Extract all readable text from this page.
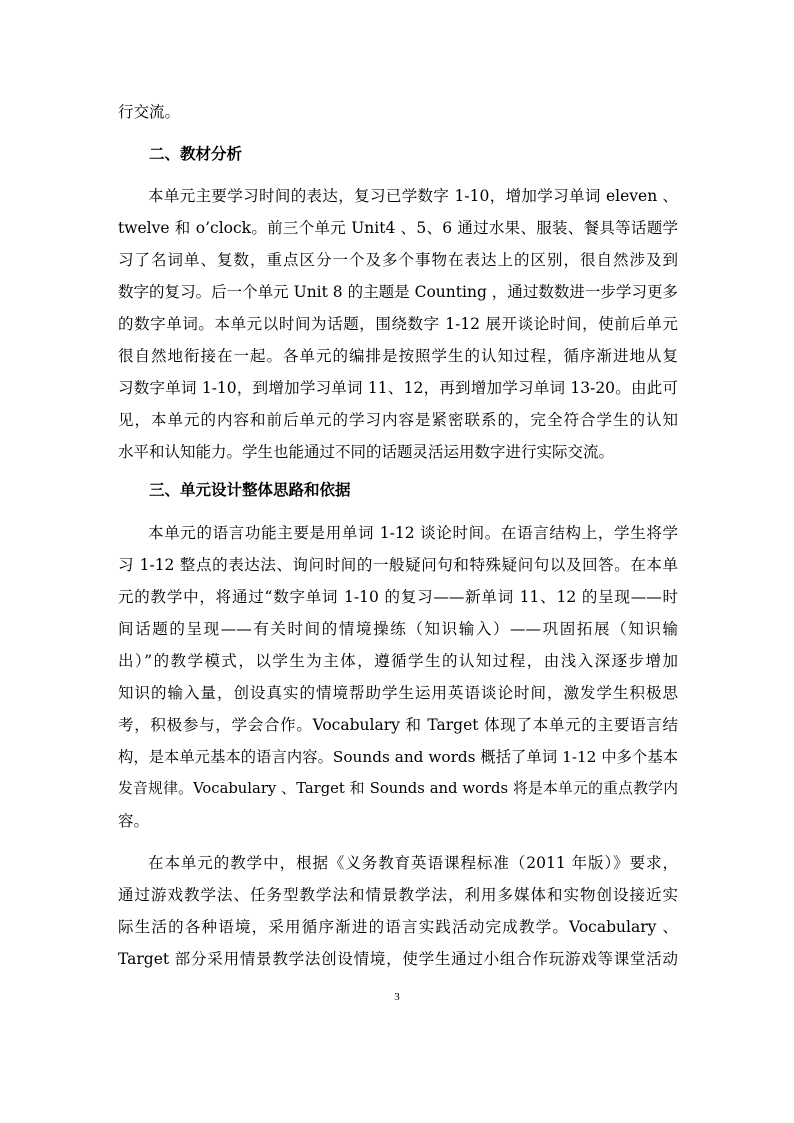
行交流。
二、教材分析
本单元主要学习时间的表达，复习已学数字 1-10，增加学习单词 eleven 、
twelve 和 o’clock。前三个单元 Unit4 、5、6 通过水果、服装、餐具等话题学
习了名词单、复数，重点区分一个及多个事物在表达上的区别，很自然涉及到
数字的复习。后一个单元 Unit 8 的主题是 Counting ，通过数数进一步学习更多
的数字单词。本单元以时间为话题，围绕数字 1-12 展开谈论时间，使前后单元
很自然地衔接在一起。各单元的编排是按照学生的认知过程，循序渐进地从复
习数字单词 1-10，到增加学习单词 11、12，再到增加学习单词 13-20。由此可
见，本单元的内容和前后单元的学习内容是紧密联系的，完全符合学生的认知
水平和认知能力。学生也能通过不同的话题灵活运用数字进行实际交流。
三、单元设计整体思路和依据
本单元的语言功能主要是用单词 1-12 谈论时间。在语言结构上，学生将学
习 1-12 整点的表达法、询问时间的一般疑问句和特殊疑问句以及回答。在本单
元的教学中，将通过“数字单词 1-10 的复习——新单词 11、12 的呈现——时
间话题的呈现——有关时间的情境操练（知识输入）——巩固拓展（知识输
出）”的教学模式，以学生为主体，遵循学生的认知过程，由浅入深逐步增加
知识的输入量，创设真实的情境帮助学生运用英语谈论时间，激发学生积极思
考，积极参与，学会合作。Vocabulary 和 Target 体现了本单元的主要语言结
构，是本单元基本的语言内容。Sounds and words 概括了单词 1-12 中多个基本
发音规律。Vocabulary 、Target 和 Sounds and words 将是本单元的重点教学内
容。
在本单元的教学中，根据《义务教育英语课程标准（2011 年版）》要求，
通过游戏教学法、任务型教学法和情景教学法，利用多媒体和实物创设接近实
际生活的各种语境，采用循序渐进的语言实践活动完成教学。Vocabulary 、
Target 部分采用情景教学法创设情境，使学生通过小组合作玩游戏等课堂活动
3
